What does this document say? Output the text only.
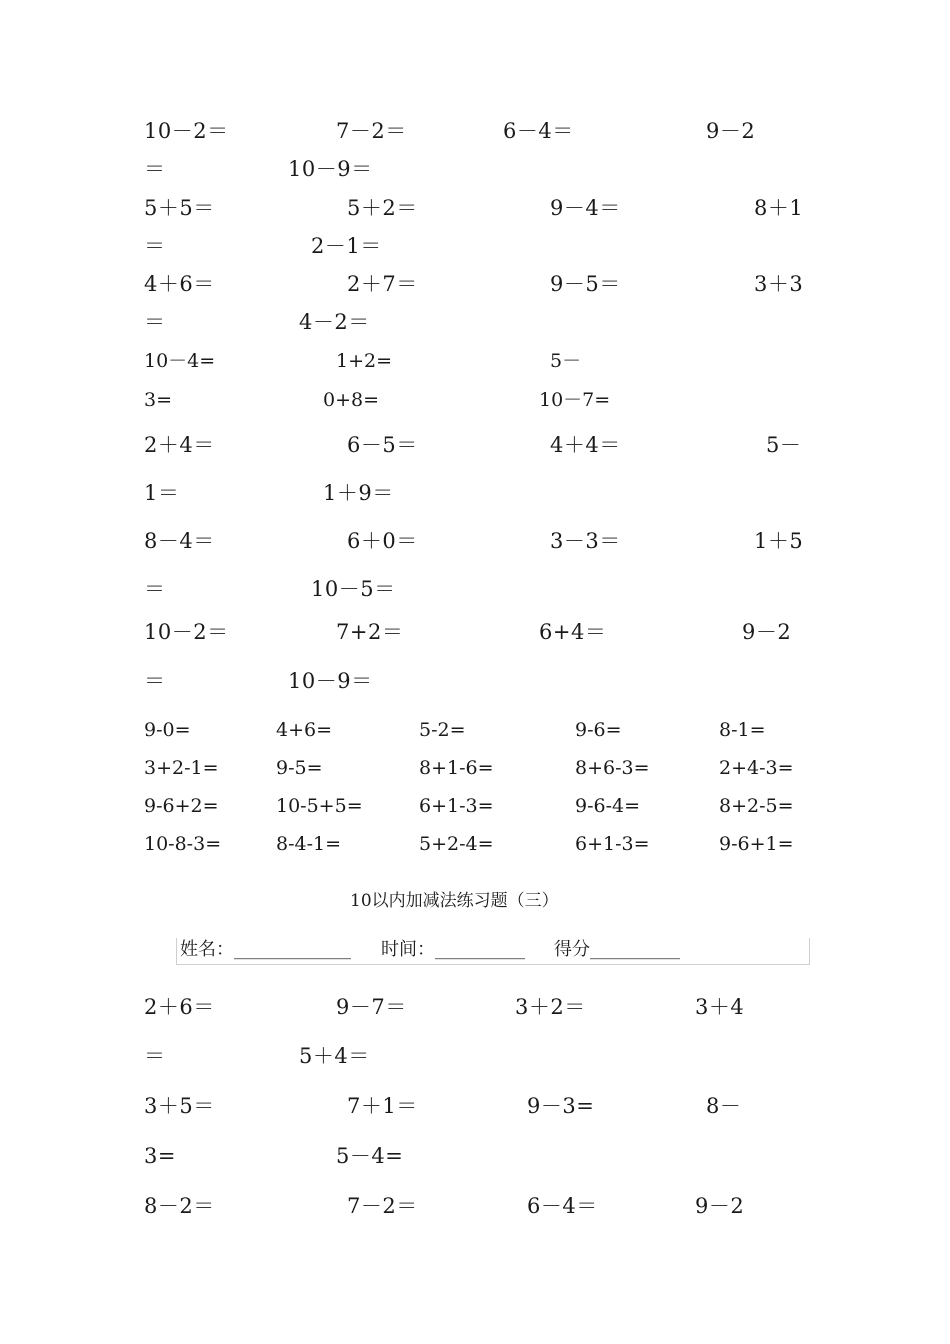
10－2＝	7－2＝	6－4＝	9－2
＝	10－9＝
5＋5＝	5＋2＝	9－4＝	8＋1
＝	2－1＝
4＋6＝	2＋7＝	9－5＝	3＋3
＝	4－2＝
10－4=	1+2=	5－
3=	0+8=	10－7=
2＋4＝	6－5＝	4＋4＝	5－
1＝	1＋9＝
8－4＝	6＋0＝	3－3＝	1＋5
＝	10－5＝
10－2＝	7+2＝	6+4＝	9－2
＝	10－9＝
9-0=	4+6=	5-2=	9-6=	8-1=
3+2-1=	9-5=	8+1-6=	8+6-3=	2+4-3=
9-6+2=	10-5+5=	6+1-3=	9-6-4=	8+2-5=
10-8-3=	8-4-1=	5+2-4=	6+1-3=	9-6+1=
10以内加减法练习题（三）
姓名：_____________ 时间：__________ 得分__________
2＋6＝	9－7＝	3＋2＝	3＋4
＝	5＋4＝
3＋5＝	7＋1＝	9－3=	8－
3=	5－4=
8－2＝	7－2＝	6－4＝	9－2
